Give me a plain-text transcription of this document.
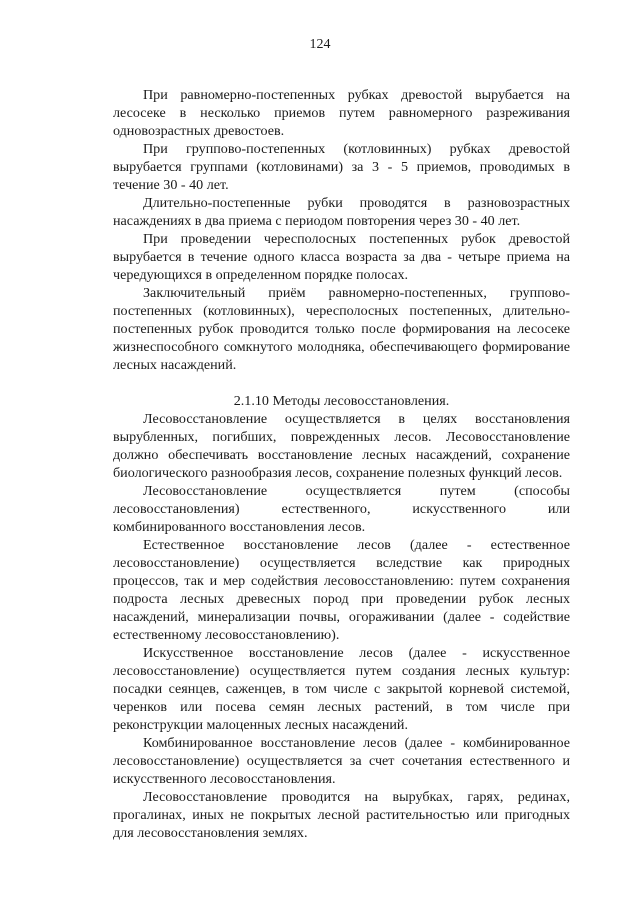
124

При равномерно-постепенных рубках древостой вырубается на лесосеке в несколько приемов путем равномерного разреживания одновозрастных древостоев.

При группово-постепенных (котловинных) рубках древостой вырубается группами (котловинами) за 3 - 5 приемов, проводимых в течение 30 - 40 лет.

Длительно-постепенные рубки проводятся в разновозрастных насаждениях в два приема с периодом повторения через 30 - 40 лет.

При проведении чересполосных постепенных рубок древостой вырубается в течение одного класса возраста за два - четыре приема на чередующихся в определенном порядке полосах.

Заключительный приём равномерно-постепенных, группово-постепенных (котловинных), чересполосных постепенных, длительно-постепенных рубок проводится только после формирования на лесосеке жизнеспособного сомкнутого молодняка, обеспечивающего формирование лесных насаждений.

2.1.10 Методы лесовосстановления.

Лесовосстановление осуществляется в целях восстановления вырубленных, погибших, поврежденных лесов. Лесовосстановление должно обеспечивать восстановление лесных насаждений, сохранение биологического разнообразия лесов, сохранение полезных функций лесов.

Лесовосстановление осуществляется путем (способы лесовосстановления) естественного, искусственного или комбинированного восстановления лесов.

Естественное восстановление лесов (далее - естественное лесовосстановление) осуществляется вследствие как природных процессов, так и мер содействия лесовосстановлению: путем сохранения подроста лесных древесных пород при проведении рубок лесных насаждений, минерализации почвы, огораживании (далее - содействие естественному лесовосстановлению).

Искусственное восстановление лесов (далее - искусственное лесовосстановление) осуществляется путем создания лесных культур: посадки сеянцев, саженцев, в том числе с закрытой корневой системой, черенков или посева семян лесных растений, в том числе при реконструкции малоценных лесных насаждений.

Комбинированное восстановление лесов (далее - комбинированное лесовосстановление) осуществляется за счет сочетания естественного и искусственного лесовосстановления.

Лесовосстановление проводится на вырубках, гарях, рединах, прогалинах, иных не покрытых лесной растительностью или пригодных для лесовосстановления землях.
